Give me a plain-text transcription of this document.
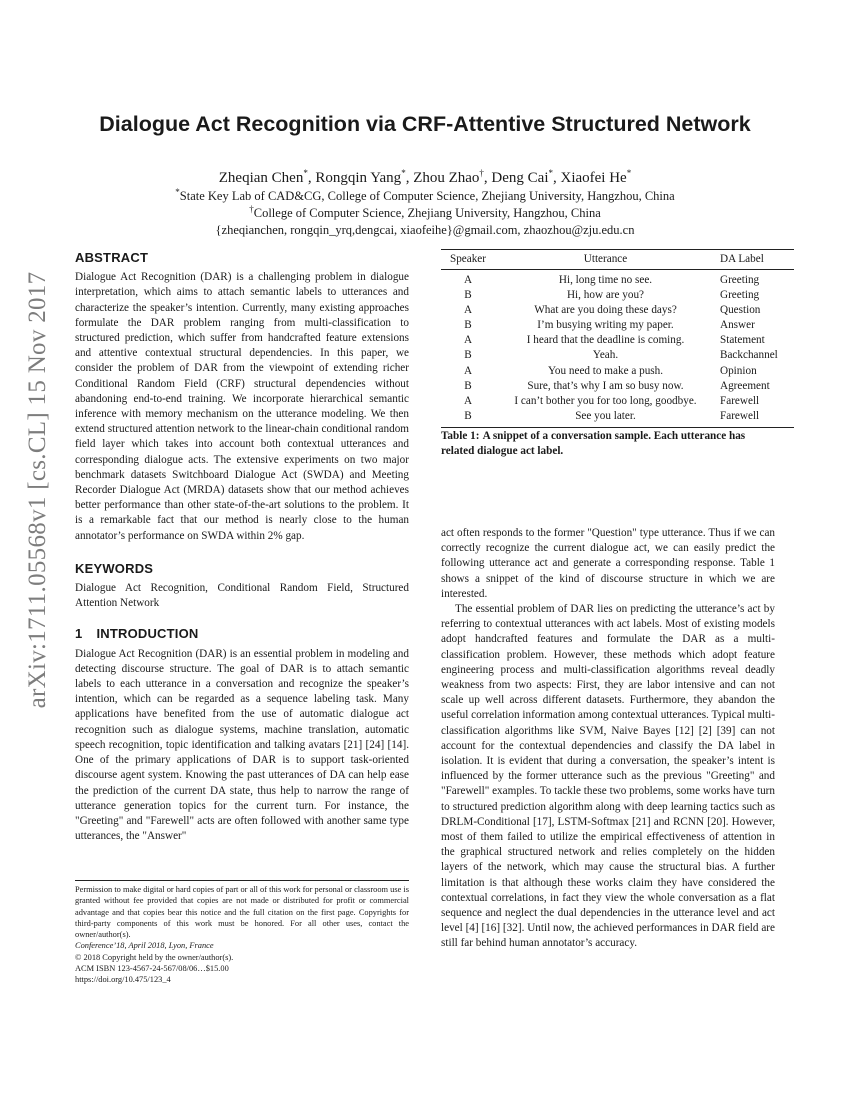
arXiv:1711.05568v1 [cs.CL] 15 Nov 2017
Dialogue Act Recognition via CRF-Attentive Structured Network
Zheqian Chen*, Rongqin Yang*, Zhou Zhao†, Deng Cai*, Xiaofei He*
*State Key Lab of CAD&CG, College of Computer Science, Zhejiang University, Hangzhou, China
†College of Computer Science, Zhejiang University, Hangzhou, China
{zheqianchen, rongqin_yrq,dengcai, xiaofeihe}@gmail.com, zhaozhou@zju.edu.cn
ABSTRACT

Dialogue Act Recognition (DAR) is a challenging problem in dialogue interpretation, which aims to attach semantic labels to utterances and characterize the speaker’s intention. Currently, many existing approaches formulate the DAR problem ranging from multi-classification to structured prediction, which suffer from handcrafted feature extensions and attentive contextual structural dependencies. In this paper, we consider the problem of DAR from the viewpoint of extending richer Conditional Random Field (CRF) structural dependencies without abandoning end-to-end training. We incorporate hierarchical semantic inference with memory mechanism on the utterance modeling. We then extend structured attention network to the linear-chain conditional random field layer which takes into account both contextual utterances and corresponding dialogue acts. The extensive experiments on two major benchmark datasets Switchboard Dialogue Act (SWDA) and Meeting Recorder Dialogue Act (MRDA) datasets show that our method achieves better performance than other state-of-the-art solutions to the problem. It is a remarkable fact that our method is nearly close to the human annotator’s performance on SWDA within 2% gap.

KEYWORDS

Dialogue Act Recognition, Conditional Random Field, Structured Attention Network

1 INTRODUCTION

Dialogue Act Recognition (DAR) is an essential problem in modeling and detecting discourse structure. The goal of DAR is to attach semantic labels to each utterance in a conversation and recognize the speaker’s intention, which can be regarded as a sequence labeling task. Many applications have benefited from the use of automatic dialogue act recognition such as dialogue systems, machine translation, automatic speech recognition, topic identification and talking avatars [21] [24] [14]. One of the primary applications of DAR is to support task-oriented discourse agent system. Knowing the past utterances of DA can help ease the prediction of the current DA state, thus help to narrow the range of utterance generation topics for the current turn. For instance, the "Greeting" and "Farewell" acts are often followed with another same type utterances, the "Answer"

Speaker	Utterance	DA Label
A	Hi, long time no see.	Greeting
B	Hi, how are you?	Greeting
A	What are you doing these days?	Question
B	I’m busying writing my paper.	Answer
A	I heard that the deadline is coming.	Statement
B	Yeah.	Backchannel
A	You need to make a push.	Opinion
B	Sure, that’s why I am so busy now.	Agreement
A	I can’t bother you for too long, goodbye.	Farewell
B	See you later.	Farewell
Table 1: A snippet of a conversation sample. Each utterance has related dialogue act label.

act often responds to the former "Question" type utterance. Thus if we can correctly recognize the current dialogue act, we can easily predict the following utterance act and generate a corresponding response. Table 1 shows a snippet of the kind of discourse structure in which we are interested.

The essential problem of DAR lies on predicting the utterance’s act by referring to contextual utterances with act labels. Most of existing models adopt handcrafted features and formulate the DAR as a multi-classification problem. However, these methods which adopt feature engineering process and multi-classification algorithms reveal deadly weakness from two aspects: First, they are labor intensive and can not scale up well across different datasets. Furthermore, they abandon the useful correlation information among contextual utterances. Typical multi-classification algorithms like SVM, Naive Bayes [12] [2] [39] can not account for the contextual dependencies and classify the DA label in isolation. It is evident that during a conversation, the speaker’s intent is influenced by the former utterance such as the previous "Greeting" and "Farewell" examples. To tackle these two problems, some works have turn to structured prediction algorithm along with deep learning tactics such as DRLM-Conditional [17], LSTM-Softmax [21] and RCNN [20]. However, most of them failed to utilize the empirical effectiveness of attention in the graphical structured network and relies completely on the hidden layers of the network, which may cause the structural bias. A further limitation is that although these works claim they have considered the contextual correlations, in fact they view the whole conversation as a flat sequence and neglect the dual dependencies in the utterance level and act level [4] [16] [32]. Until now, the achieved performances in DAR field are still far behind human annotator’s accuracy.

Permission to make digital or hard copies of part or all of this work for personal or classroom use is granted without fee provided that copies are not made or distributed for profit or commercial advantage and that copies bear this notice and the full citation on the first page. Copyrights for third-party components of this work must be honored. For all other uses, contact the owner/author(s).

Conference’18, April 2018, Lyon, France

© 2018 Copyright held by the owner/author(s).

ACM ISBN 123-4567-24-567/08/06…$15.00

https://doi.org/10.475/123_4
